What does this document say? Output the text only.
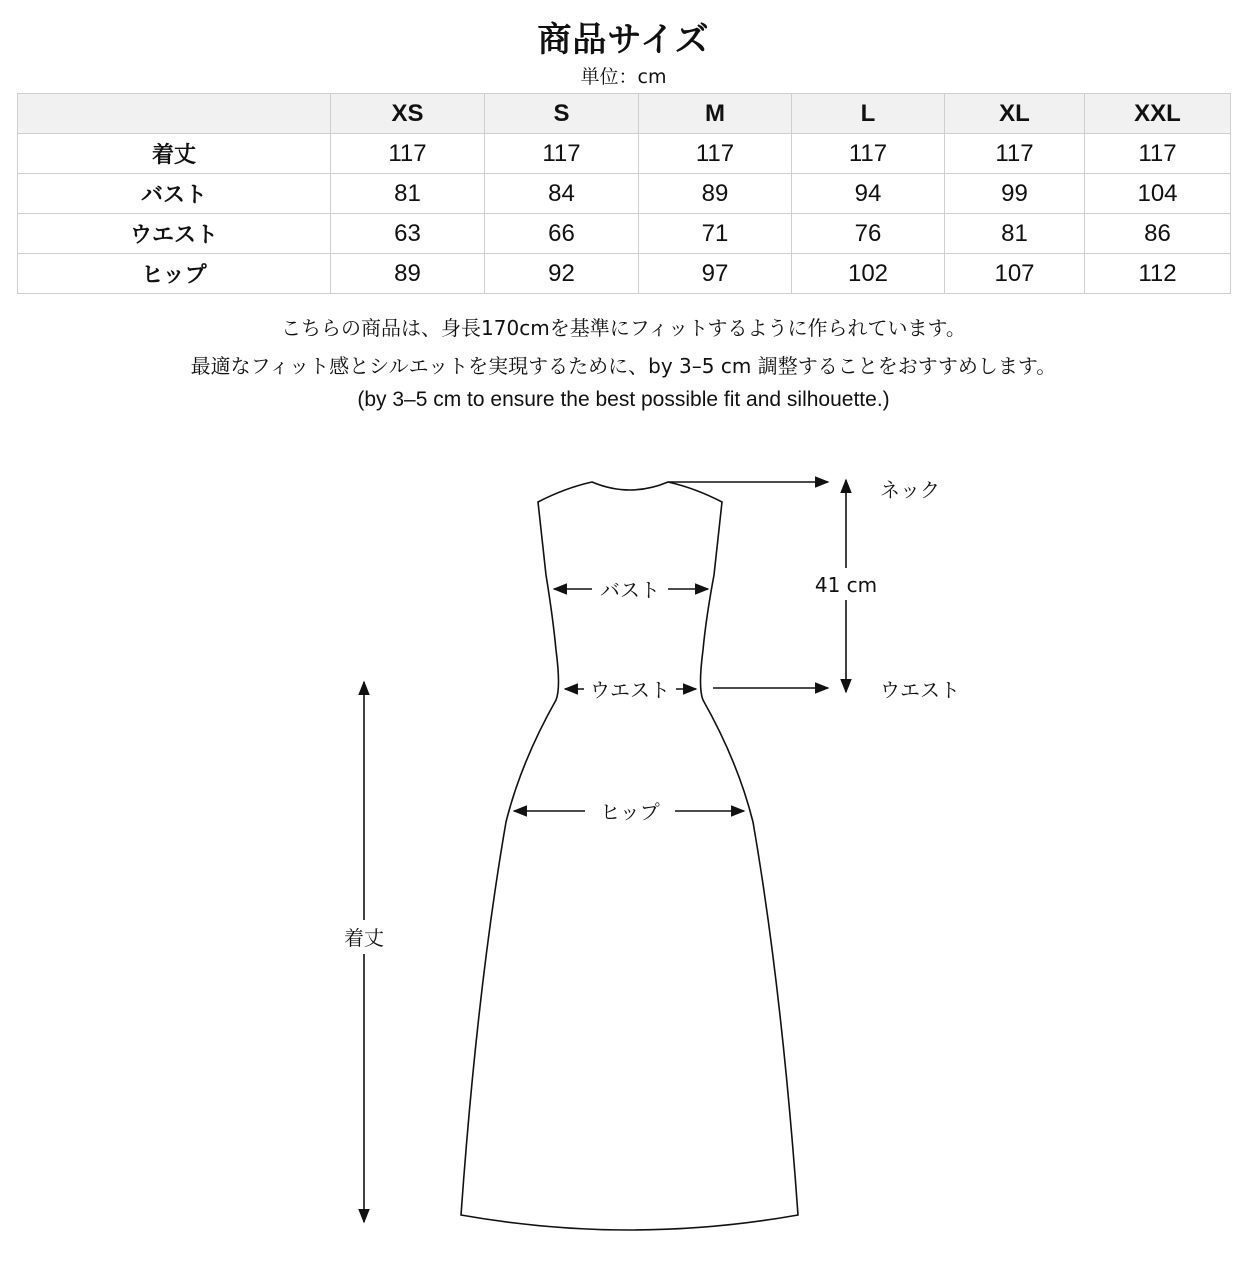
商品サイズ
単位：cm
	XS	S	M	L	XL	XXL
着丈	117	117	117	117	117	117
バスト	81	84	89	94	99	104
ウエスト	63	66	71	76	81	86
ヒップ	89	92	97	102	107	112
こちらの商品は、身長170cmを基準にフィットするように作られています。
最適なフィット感とシルエットを実現するために、by 3–5 cm 調整することをおすすめします。
(by 3–5 cm to ensure the best possible fit and silhouette.)
バスト
ウエスト
ヒップ
着丈
ネック
41 cm
ウエスト
